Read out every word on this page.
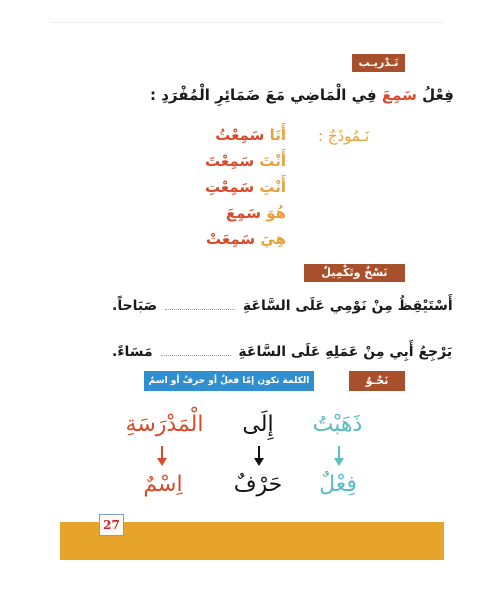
تَـدْريـب
فِعْلُ سَمِعَ فِي الْمَاضِي مَعَ ضَمَائِرِ الْمُفْرَدِ :
نَـمُوذَجٌ :
أَنَا سَمِعْتُ
أَنْتَ سَمِعْتَ
أَنْتِ سَمِعْتِ
هُوَ سَمِعَ
هِيَ سَمِعَتْ
نَسْخٌ وتَكْمِيلٌ
أَسْتَيْقِظُ مِنْ نَوْمِي عَلَى السَّاعَةِ  صَبَاحاً.
يَرْجِعُ أَبِي مِنْ عَمَلِهِ عَلَى السَّاعَةِ  مَسَاءً.
الكلمة تكون إمّا فعلٌ أو حرفٌ أو اسمٌ	نَحْـوٌ
الْمَدْرَسَةِ	إِلَى	ذَهَبْتُ
اِسْمٌ	حَرْفٌ	فِعْلٌ
27
